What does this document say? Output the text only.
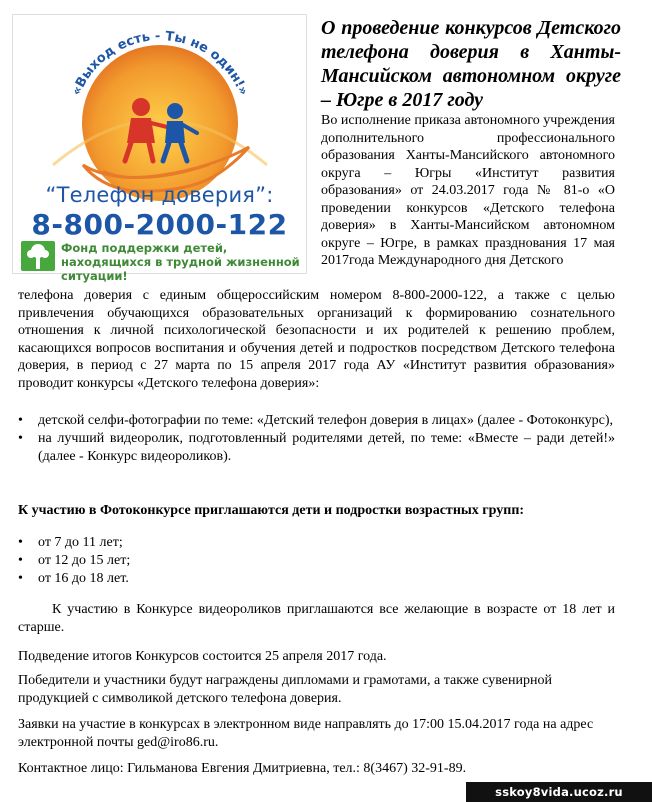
«Выход есть - Ты не один!»
“Телефон доверия”:
8-800-2000-122
Фонд поддержки детей, находящихся в трудной жизненной ситуации!
О проведение конкурсов Детского телефона доверия в Ханты-Мансийском автономном округе – Югре в 2017 году
Во исполнение приказа автономного учреждения дополнительного профессионального образования Ханты-Мансийского автономного округа – Югры «Институт развития образования» от 24.03.2017 года № 81-о «О проведении конкурсов «Детского телефона доверия» в Ханты-Мансийском автономном округе – Югре, в рамках празднования 17 мая 2017года Международного дня Детского
телефона доверия с единым общероссийским номером 8-800-2000-122, а также с целью привлечения обучающихся образовательных организаций к формированию сознательного отношения к личной психологической безопасности и их родителей к решению проблем, касающихся вопросов воспитания и обучения детей и подростков посредством Детского телефона доверия, в период с 27 марта по 15 апреля 2017 года АУ «Институт развития образования» проводит конкурсы «Детского телефона доверия»:
• детской селфи-фотографии по теме: «Детский телефон доверия в лицах» (далее - Фотоконкурс),
• на лучший видеоролик, подготовленный родителями детей, по теме: «Вместе – ради детей!» (далее - Конкурс видеороликов).
К участию в Фотоконкурсе приглашаются дети и подростки возрастных групп:
• от 7 до 11 лет;
• от 12 до 15 лет;
• от 16 до 18 лет.
К участию в Конкурсе видеороликов приглашаются все желающие в возрасте от 18 лет и старше.
Подведение итогов Конкурсов состоится 25 апреля 2017 года.
Победители и участники будут награждены дипломами и грамотами, а также сувенирной продукцией с символикой детского телефона доверия.
Заявки на участие в конкурсах в электронном виде направлять до 17:00 15.04.2017 года на адрес электронной почты ged@iro86.ru.
Контактное лицо: Гильманова Евгения Дмитриевна, тел.: 8(3467) 32-91-89.
sskoy8vida.ucoz.ru
